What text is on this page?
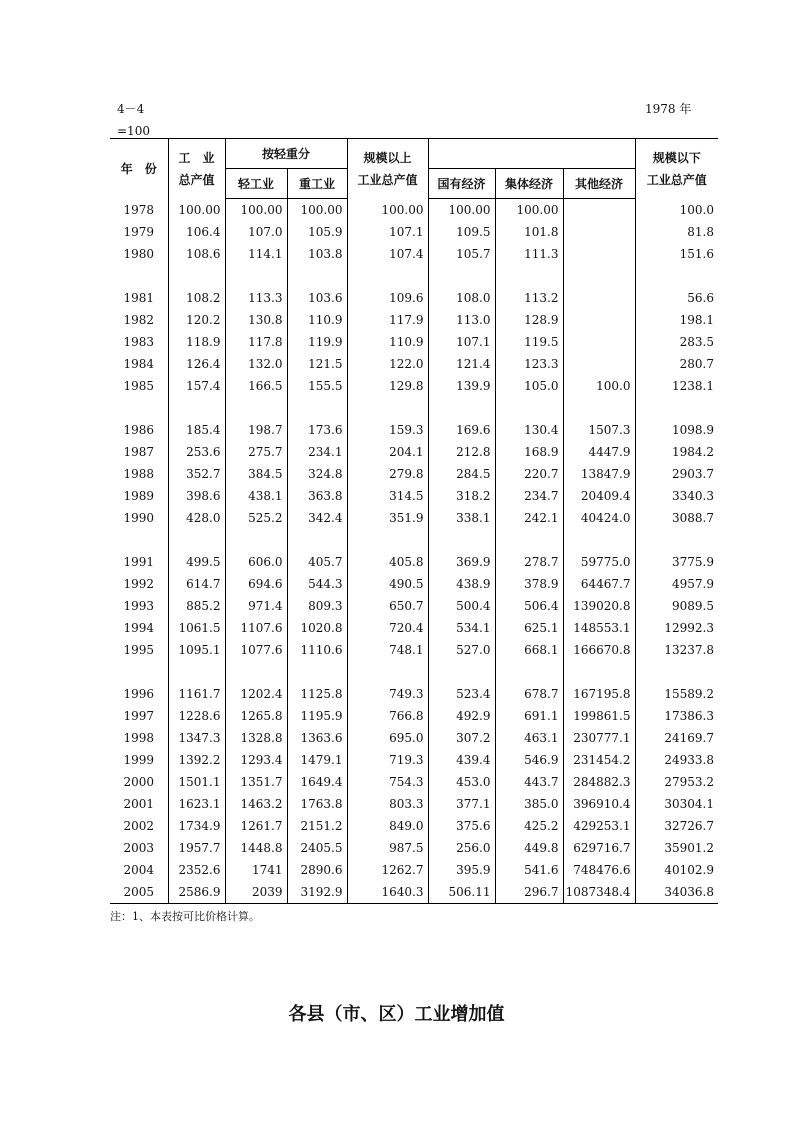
4－4
=100
1978 年
年　份	工　业
总产值	按轻重分		规模以上
工业总产值				规模以下
工业总产值

		轻工业	重工业		国有经济	集体经济	其他经济	
1978	100.00	100.00	100.00	100.00	100.00	100.00		100.0
1979	106.4	107.0	105.9	107.1	109.5	101.8		81.8
1980	108.6	114.1	103.8	107.4	105.7	111.3		151.6

1981	108.2	113.3	103.6	109.6	108.0	113.2		56.6
1982	120.2	130.8	110.9	117.9	113.0	128.9		198.1
1983	118.9	117.8	119.9	110.9	107.1	119.5		283.5
1984	126.4	132.0	121.5	122.0	121.4	123.3		280.7
1985	157.4	166.5	155.5	129.8	139.9	105.0	100.0	1238.1

1986	185.4	198.7	173.6	159.3	169.6	130.4	1507.3	1098.9
1987	253.6	275.7	234.1	204.1	212.8	168.9	4447.9	1984.2
1988	352.7	384.5	324.8	279.8	284.5	220.7	13847.9	2903.7
1989	398.6	438.1	363.8	314.5	318.2	234.7	20409.4	3340.3
1990	428.0	525.2	342.4	351.9	338.1	242.1	40424.0	3088.7

1991	499.5	606.0	405.7	405.8	369.9	278.7	59775.0	3775.9
1992	614.7	694.6	544.3	490.5	438.9	378.9	64467.7	4957.9
1993	885.2	971.4	809.3	650.7	500.4	506.4	139020.8	9089.5
1994	1061.5	1107.6	1020.8	720.4	534.1	625.1	148553.1	12992.3
1995	1095.1	1077.6	1110.6	748.1	527.0	668.1	166670.8	13237.8

1996	1161.7	1202.4	1125.8	749.3	523.4	678.7	167195.8	15589.2
1997	1228.6	1265.8	1195.9	766.8	492.9	691.1	199861.5	17386.3
1998	1347.3	1328.8	1363.6	695.0	307.2	463.1	230777.1	24169.7
1999	1392.2	1293.4	1479.1	719.3	439.4	546.9	231454.2	24933.8
2000	1501.1	1351.7	1649.4	754.3	453.0	443.7	284882.3	27953.2
2001	1623.1	1463.2	1763.8	803.3	377.1	385.0	396910.4	30304.1
2002	1734.9	1261.7	2151.2	849.0	375.6	425.2	429253.1	32726.7
2003	1957.7	1448.8	2405.5	987.5	256.0	449.8	629716.7	35901.2
2004	2352.6	1741	2890.6	1262.7	395.9	541.6	748476.6	40102.9
2005	2586.9	2039	3192.9	1640.3	506.11	296.7	1087348.4	34036.8
注：1、本表按可比价格计算。
各县（市、区）工业增加值
